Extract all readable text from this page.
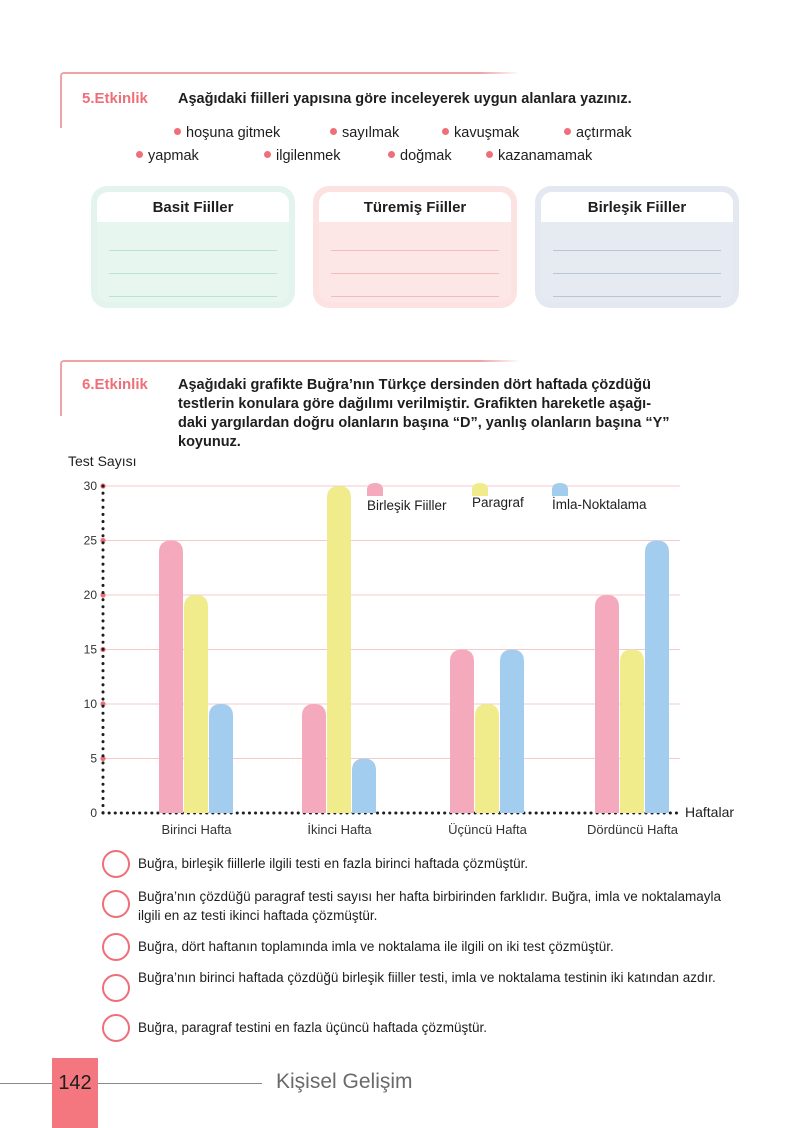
5.Etkinlik Aşağıdaki fiilleri yapısına göre inceleyerek uygun alanlara yazınız.
hoşuna gitmek	sayılmak	kavuşmak	açtırmak
yapmak	ilgilenmek	doğmak	kazanamamak
Basit Fiiller	Türemiş Fiiller	Birleşik Fiiller
6.Etkinlik Aşağıdaki grafikte Buğra’nın Türkçe dersinden dört haftada çözdüğü
testlerin konulara göre dağılımı verilmiştir. Grafikten hareketle aşağı-
daki yargılardan doğru olanların başına “D”, yanlış olanların başına “Y”
koyunuz.
Test Sayısı
Haftalar
0
5
10
15
20
25
30
Birinci Hafta	İkinci Hafta	Üçüncü Hafta	Dördüncü Hafta
Birleşik Fiiller Paragraf İmla-Noktalama
Buğra, birleşik fiillerle ilgili testi en fazla birinci haftada çözmüştür.
Buğra’nın çözdüğü paragraf testi sayısı her hafta birbirinden farklıdır. Buğra, imla ve noktalamayla ilgili en az testi ikinci haftada çözmüştür.
Buğra, dört haftanın toplamında imla ve noktalama ile ilgili on iki test çözmüştür.
Buğra’nın birinci haftada çözdüğü birleşik fiiller testi, imla ve noktalama testinin iki katından azdır.
Buğra, paragraf testini en fazla üçüncü haftada çözmüştür.
142	Kişisel Gelişim
